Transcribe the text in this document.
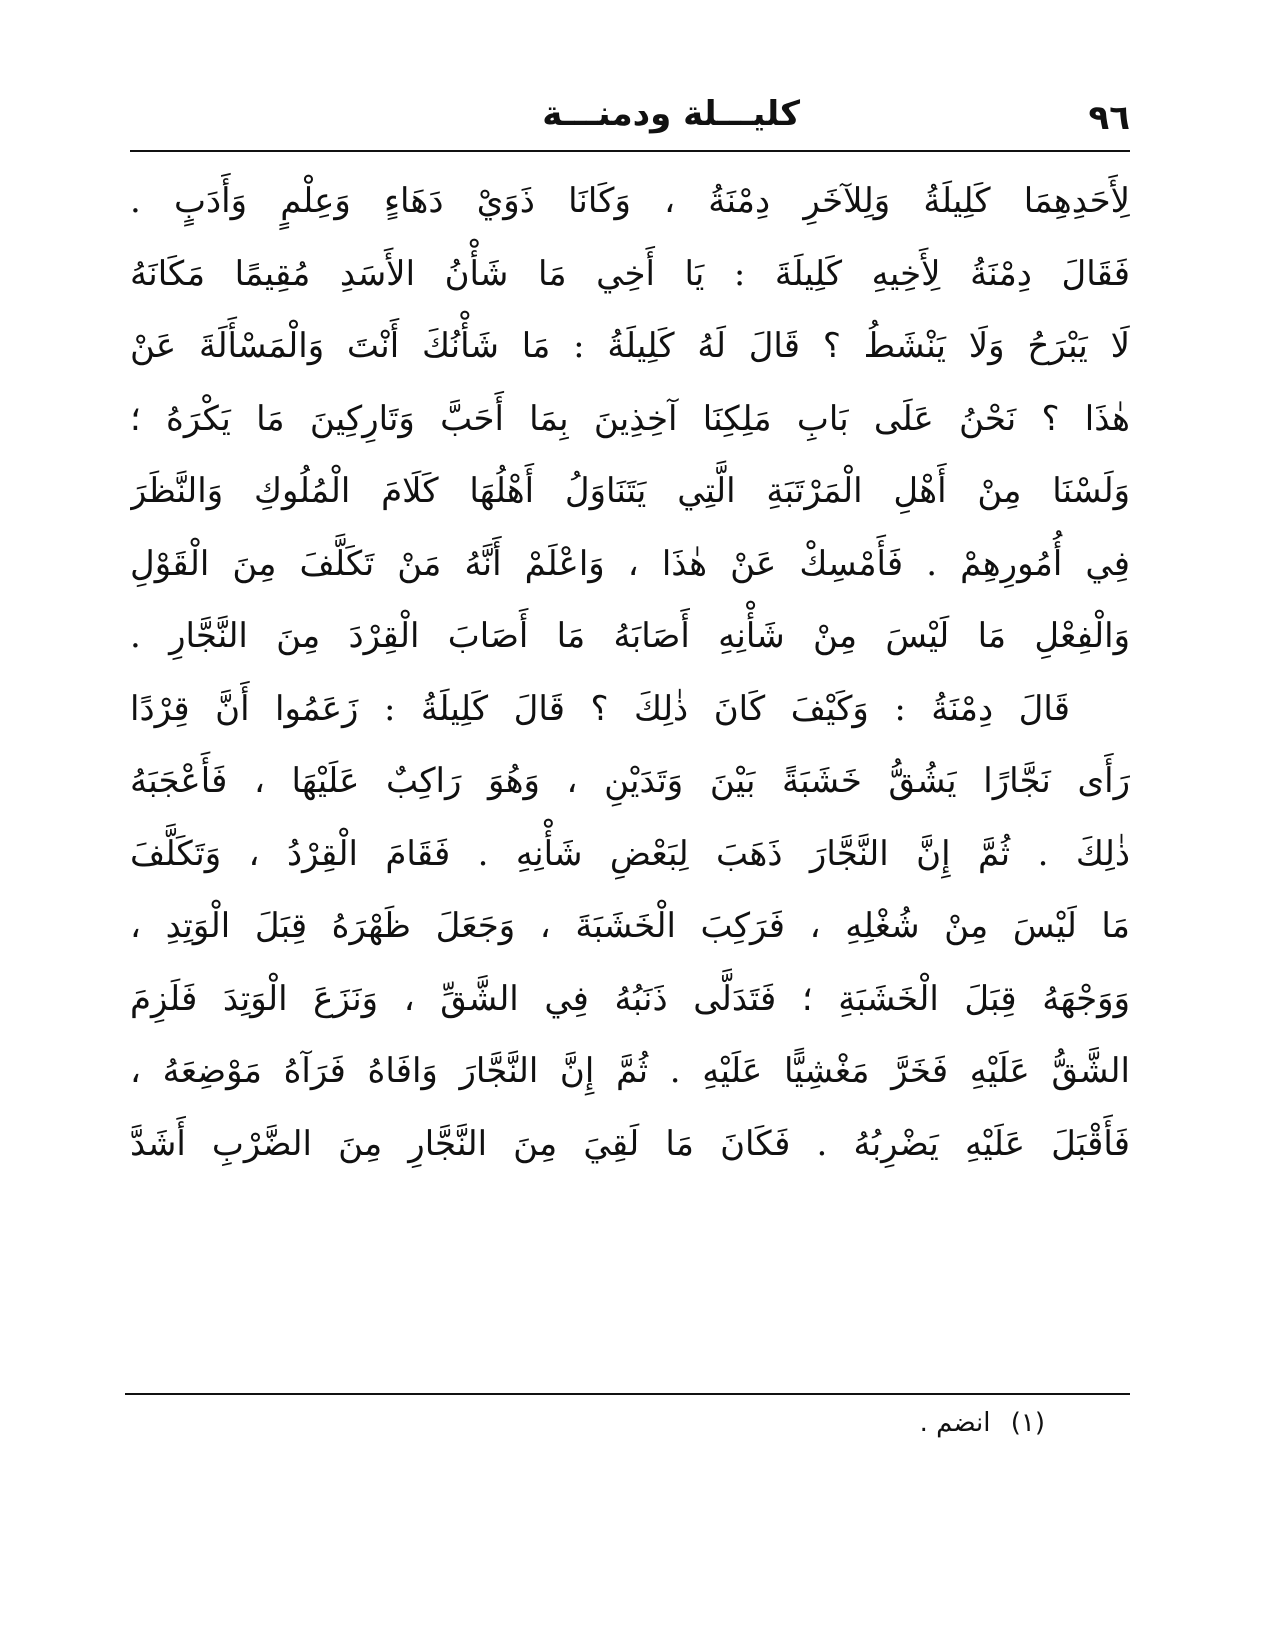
٩٦
كليـــلة ودمنـــة
لِأَحَدِهِمَا كَلِيلَةُ وَلِلآخَرِ دِمْنَةُ ، وَكَانَا ذَوَيْ دَهَاءٍ وَعِلْمٍ وَأَدَبٍ .
فَقَالَ دِمْنَةُ لِأَخِيهِ كَلِيلَةَ : يَا أَخِي مَا شَأْنُ الأَسَدِ مُقِيمًا مَكَانَهُ
لَا يَبْرَحُ وَلَا يَنْشَطُ ؟ قَالَ لَهُ كَلِيلَةُ : مَا شَأْنُكَ أَنْتَ وَالْمَسْأَلَةَ عَنْ
هٰذَا ؟ نَحْنُ عَلَى بَابِ مَلِكِنَا آخِذِينَ بِمَا أَحَبَّ وَتَارِكِينَ مَا يَكْرَهُ ؛
وَلَسْنَا مِنْ أَهْلِ الْمَرْتَبَةِ الَّتِي يَتَنَاوَلُ أَهْلُهَا كَلَامَ الْمُلُوكِ وَالنَّظَرَ
فِي أُمُورِهِمْ . فَأَمْسِكْ عَنْ هٰذَا ، وَاعْلَمْ أَنَّهُ مَنْ تَكَلَّفَ مِنَ الْقَوْلِ
وَالْفِعْلِ مَا لَيْسَ مِنْ شَأْنِهِ أَصَابَهُ مَا أَصَابَ الْقِرْدَ مِنَ النَّجَّارِ .
قَالَ دِمْنَةُ : وَكَيْفَ كَانَ ذٰلِكَ ؟ قَالَ كَلِيلَةُ : زَعَمُوا أَنَّ قِرْدًا
رَأَى نَجَّارًا يَشُقُّ خَشَبَةً بَيْنَ وَتَدَيْنِ ، وَهُوَ رَاكِبٌ عَلَيْهَا ، فَأَعْجَبَهُ
ذٰلِكَ . ثُمَّ إِنَّ النَّجَّارَ ذَهَبَ لِبَعْضِ شَأْنِهِ . فَقَامَ الْقِرْدُ ، وَتَكَلَّفَ
مَا لَيْسَ مِنْ شُغْلِهِ ، فَرَكِبَ الْخَشَبَةَ ، وَجَعَلَ ظَهْرَهُ قِبَلَ الْوَتِدِ ،
وَوَجْهَهُ قِبَلَ الْخَشَبَةِ ؛ فَتَدَلَّى ذَنَبُهُ فِي الشَّقِّ ، وَنَزَعَ الْوَتِدَ فَلَزِمَ
الشَّقُّ عَلَيْهِ فَخَرَّ مَغْشِيًّا عَلَيْهِ . ثُمَّ إِنَّ النَّجَّارَ وَافَاهُ فَرَآهُ مَوْضِعَهُ ،
فَأَقْبَلَ عَلَيْهِ يَضْرِبُهُ . فَكَانَ مَا لَقِيَ مِنَ النَّجَّارِ مِنَ الضَّرْبِ أَشَدَّ
(١) انضم .
